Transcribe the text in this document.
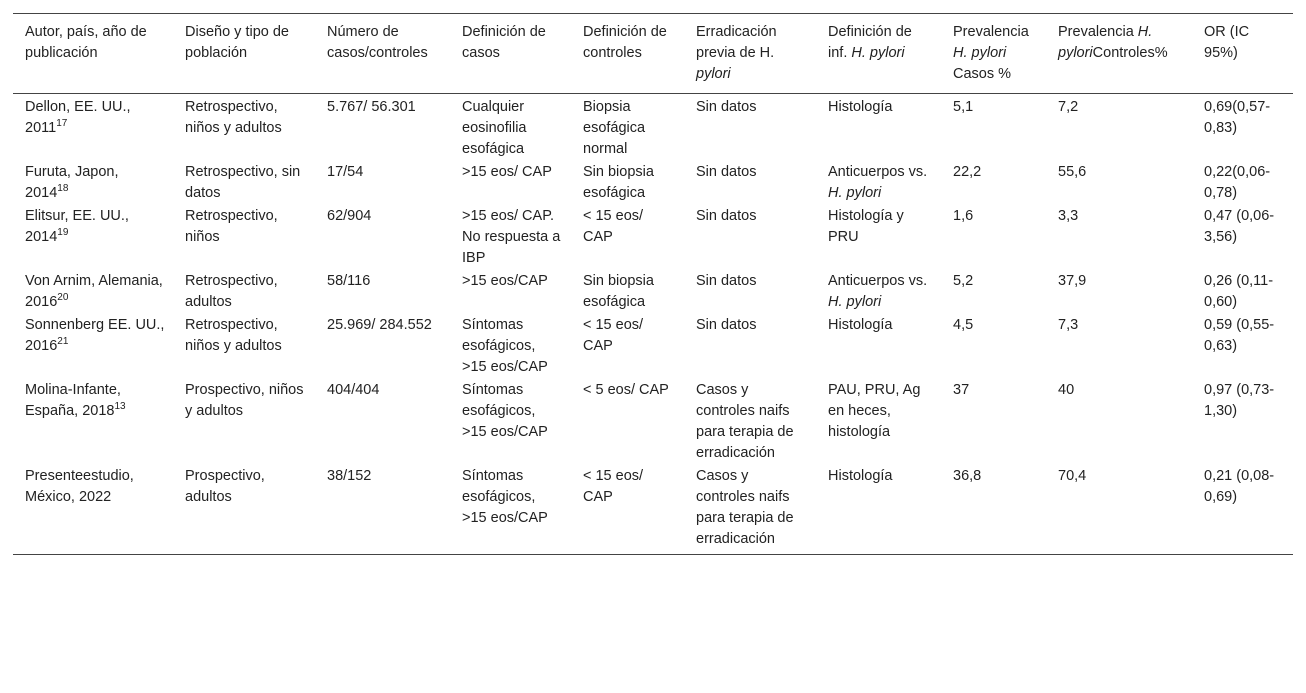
Autor, país, año de publicación	Diseño y tipo de población	Número de casos/controles	Definición de casos	Definición de controles	Erradicación previa de H. pylori	Definición de inf. H. pylori	Prevalencia H. pylori Casos %	Prevalencia H. pyloriControles%	OR (IC 95%)
Dellon, EE. UU., 2011$^{17}$	Retrospectivo, niños y adultos	5.767/ 56.301	Cualquier eosinofilia esofágica	Biopsia esofágica normal	Sin datos	Histología	5,1	7,2	0,69(0,57-0,83)
Furuta, Japon, 2014$^{18}$	Retrospectivo, sin datos	17/54	>15 eos/ CAP	Sin biopsia esofágica	Sin datos	Anticuerpos vs. H. pylori	22,2	55,6	0,22(0,06-0,78)
Elitsur, EE. UU., 2014$^{19}$	Retrospectivo, niños	62/904	>15 eos/ CAP. No respuesta a IBP	< 15 eos/ CAP	Sin datos	Histología y PRU	1,6	3,3	0,47 (0,06-3,56)
Von Arnim, Alemania, 2016$^{20}$	Retrospectivo, adultos	58/116	>15 eos/CAP	Sin biopsia esofágica	Sin datos	Anticuerpos vs. H. pylori	5,2	37,9	0,26 (0,11-0,60)
Sonnenberg EE. UU., 2016$^{21}$	Retrospectivo, niños y adultos	25.969/ 284.552	Síntomas esofágicos, >15 eos/CAP	< 15 eos/ CAP	Sin datos	Histología	4,5	7,3	0,59 (0,55-0,63)
Molina-Infante, España, 2018$^{13}$	Prospectivo, niños y adultos	404/404	Síntomas esofágicos, >15 eos/CAP	< 5 eos/ CAP	Casos y controles naifs para terapia de erradicación	PAU, PRU, Ag en heces, histología	37	40	0,97 (0,73-1,30)
Presenteestudio, México, 2022	Prospectivo, adultos	38/152	Síntomas esofágicos, >15 eos/CAP	< 15 eos/ CAP	Casos y controles naifs para terapia de erradicación	Histología	36,8	70,4	0,21 (0,08-0,69)
